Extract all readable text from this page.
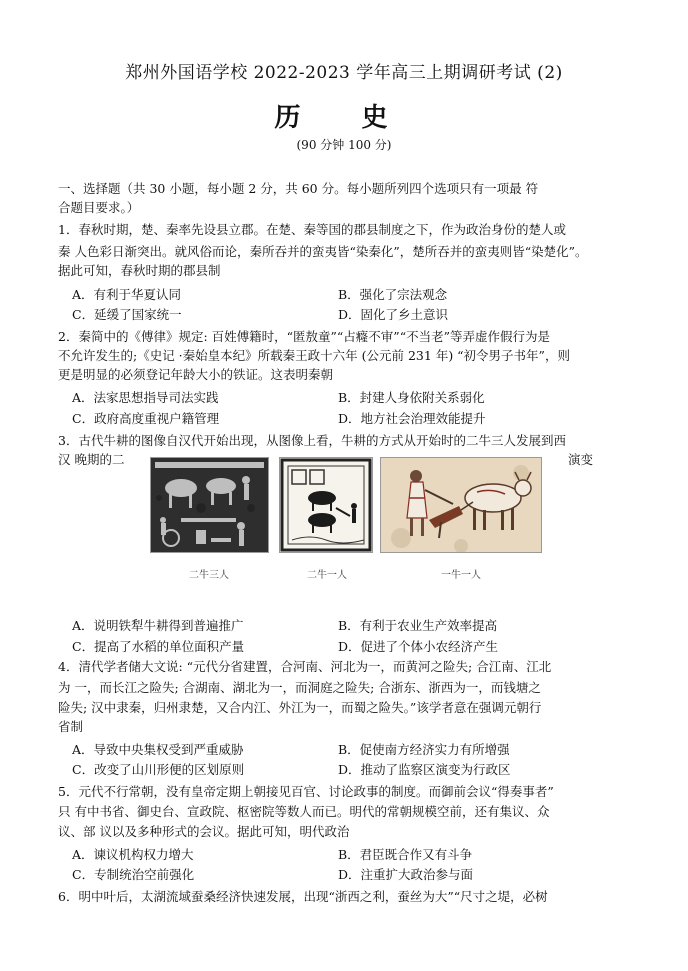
郑州外国语学校 2022-2023 学年高三上期调研考试 (2)
历 史
(90 分钟 100 分)
一、选择题（共 30 小题，每小题 2 分，共 60 分。每小题所列四个选项只有一项最 符
合题目要求。）
1．春秋时期，楚、秦率先设县立郡。在楚、秦等国的郡县制度之下，作为政治身份的楚人或
秦 人色彩日渐突出。就风俗而论，秦所吞并的蛮夷皆“染秦化”，楚所吞并的蛮夷则皆“染楚化”。
据此可知，春秋时期的郡县制
A．有利于华夏认同	B．强化了宗法观念
C．延缓了国家统一	D．固化了乡土意识
2．秦简中的《傅律》规定: 百姓傅籍时，“匿敖童”“占癃不审”“不当老”等弄虚作假行为是
不允许发生的;《史记 ·秦始皇本纪》所载秦王政十六年 (公元前 231 年) “初令男子书年”，则
更是明显的必须登记年龄大小的铁证。这表明秦朝
A．法家思想指导司法实践	B．封建人身依附关系弱化
C．政府高度重视户籍管理	D．地方社会治理效能提升
3．古代牛耕的图像自汉代开始出现，从图像上看，牛耕的方式从开始时的二牛三人发展到西
汉 晚期的二	演变
二牛三人	二牛一人	一牛一人
A．说明铁犁牛耕得到普遍推广	B．有利于农业生产效率提高
C．提高了水稻的单位面积产量	D．促进了个体小农经济产生
4．清代学者储大文说: “元代分省建置，合河南、河北为一，而黄河之险失; 合江南、江北
为 一，而长江之险失; 合湖南、湖北为一，而洞庭之险失; 合浙东、浙西为一，而钱塘之
险失; 汉中隶秦，归州隶楚，又合内江、外江为一，而蜀之险失。”该学者意在强调元朝行
省制
A．导致中央集权受到严重威胁	B．促使南方经济实力有所增强
C．改变了山川形便的区划原则	D．推动了监察区演变为行政区
5．元代不行常朝，没有皇帝定期上朝接见百官、讨论政事的制度。而御前会议“得奏事者”
只 有中书省、御史台、宣政院、枢密院等数人而已。明代的常朝规模空前，还有集议、众
议、部 议以及多种形式的会议。据此可知，明代政治
A．谏议机构权力增大	B．君臣既合作又有斗争
C．专制统治空前强化	D．注重扩大政治参与面
6．明中叶后，太湖流域蚕桑经济快速发展，出现“浙西之利，蚕丝为大”“尺寸之堤，必树
